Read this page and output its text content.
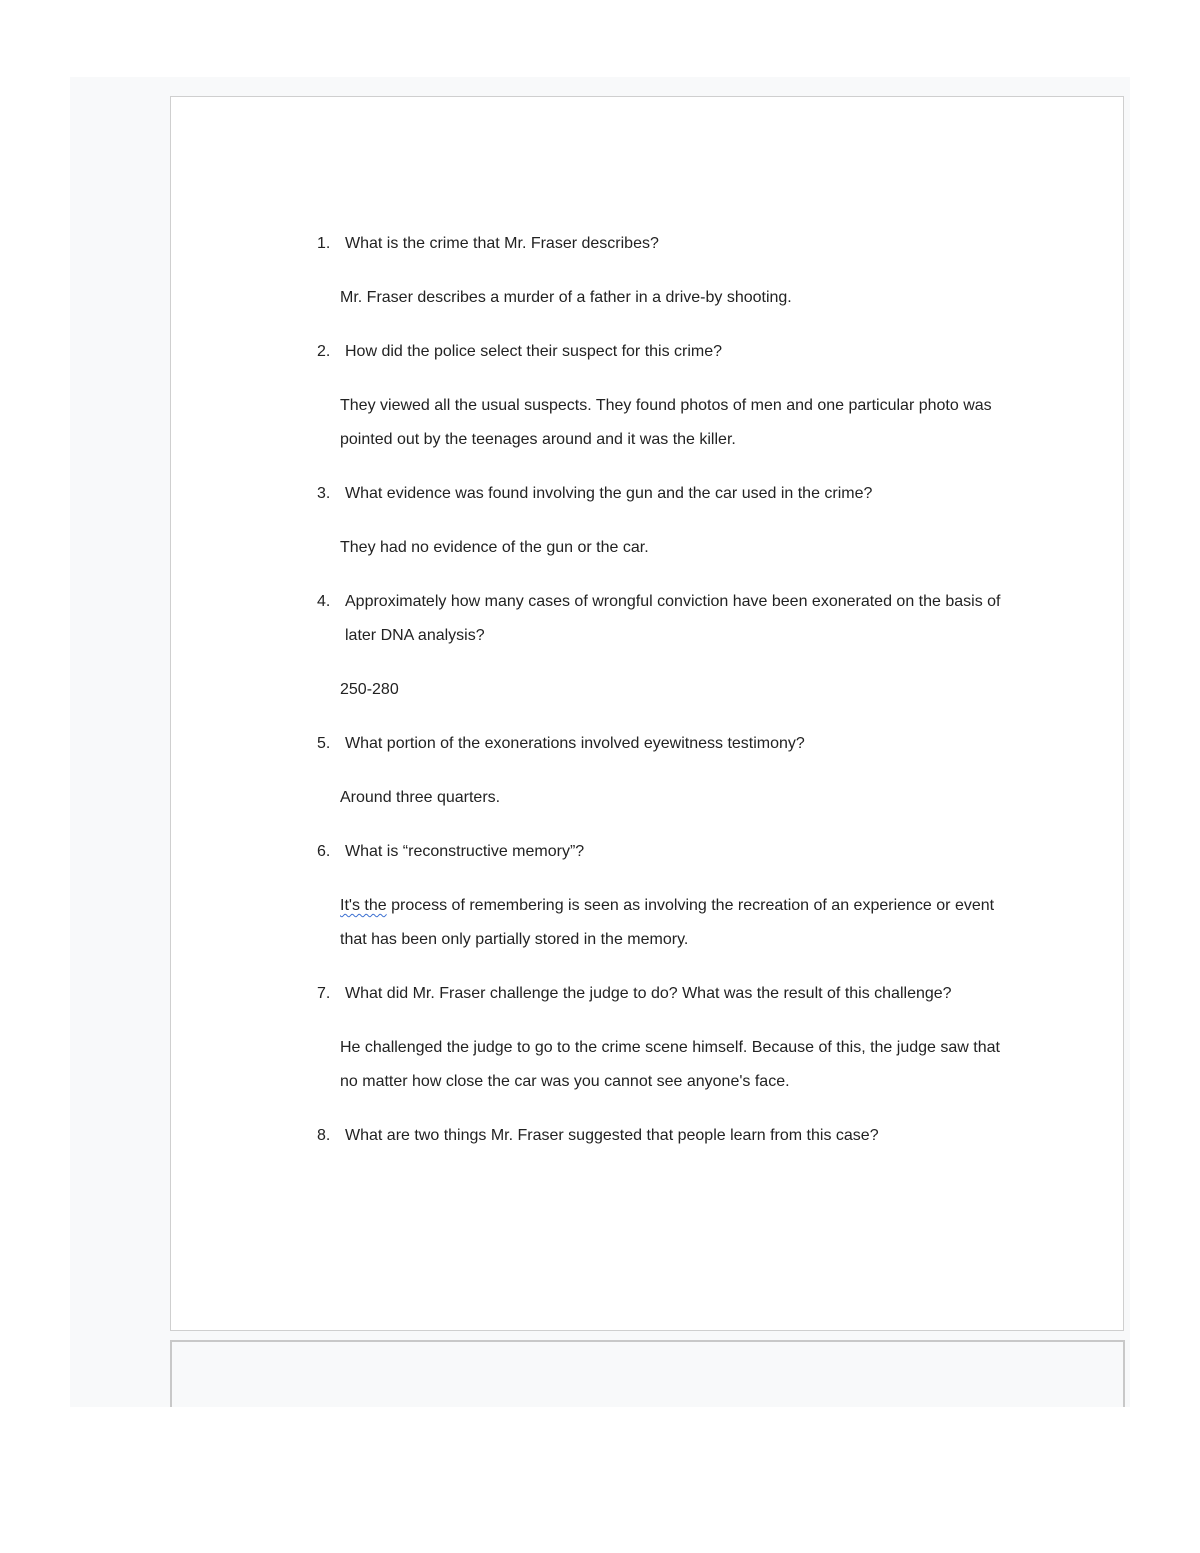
1. What is the crime that Mr. Fraser describes?
Mr. Fraser describes a murder of a father in a drive-by shooting.
2. How did the police select their suspect for this crime?
They viewed all the usual suspects. They found photos of men and one particular photo was pointed out by the teenages around and it was the killer.
3. What evidence was found involving the gun and the car used in the crime?
They had no evidence of the gun or the car.
4. Approximately how many cases of wrongful conviction have been exonerated on the basis of later DNA analysis?
250-280
5. What portion of the exonerations involved eyewitness testimony?
Around three quarters.
6. What is “reconstructive memory”?
It's the process of remembering is seen as involving the recreation of an experience or event that has been only partially stored in the memory.
7. What did Mr. Fraser challenge the judge to do? What was the result of this challenge?
He challenged the judge to go to the crime scene himself. Because of this, the judge saw that no matter how close the car was you cannot see anyone's face.
8. What are two things Mr. Fraser suggested that people learn from this case?
